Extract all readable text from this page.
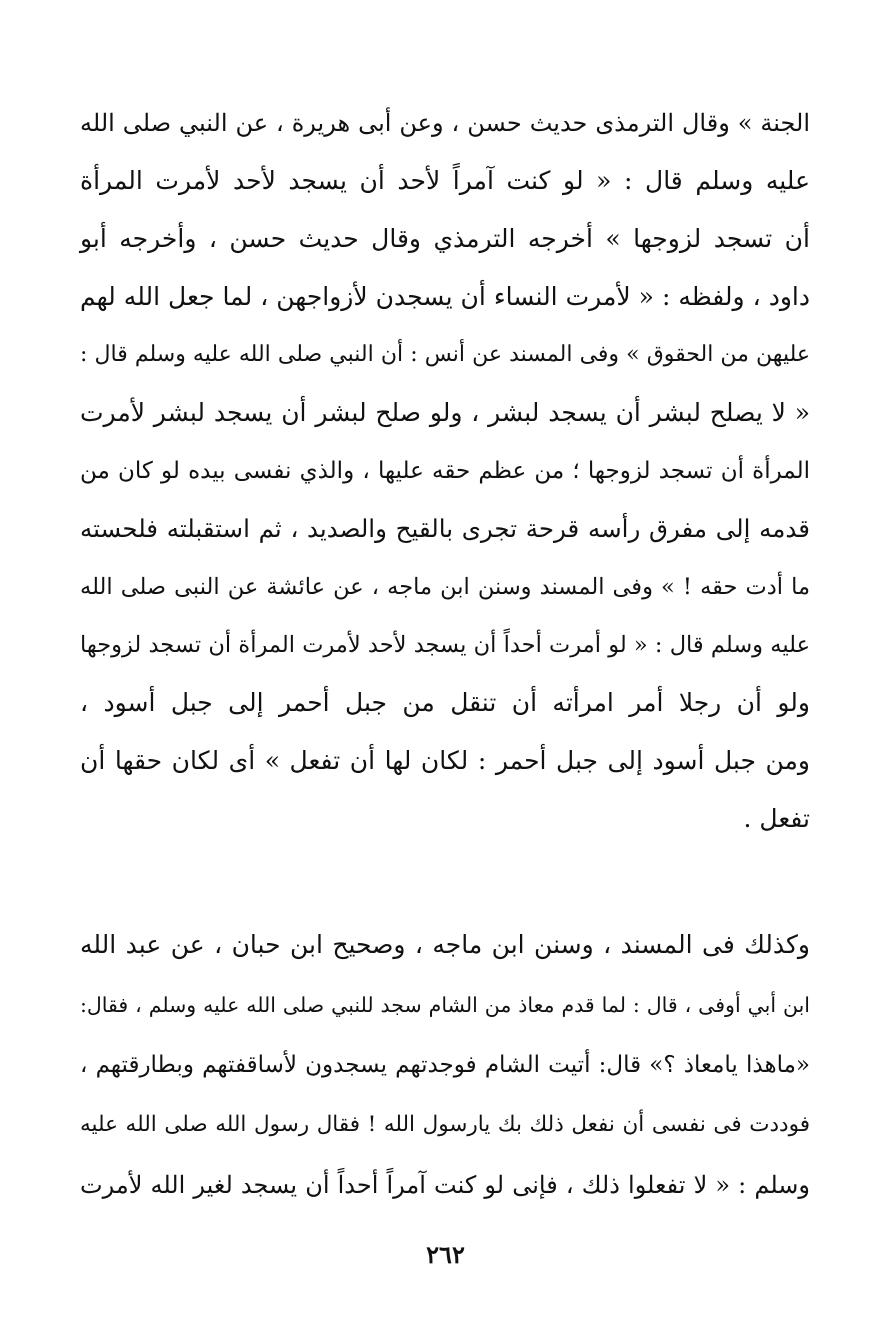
الجنة » وقال الترمذى حديث حسن ، وعن أبى هريرة ، عن النبي صلى الله
عليه وسلم قال : « لو كنت آمراً لأحد أن يسجد لأحد لأمرت المرأة
أن تسجد لزوجها » أخرجه الترمذي وقال حديث حسن ، وأخرجه أبو
داود ، ولفظه : « لأمرت النساء أن يسجدن لأزواجهن ، لما جعل الله لهم
عليهن من الحقوق » وفى المسند عن أنس : أن النبي صلى الله عليه وسلم قال :
« لا يصلح لبشر أن يسجد لبشر ، ولو صلح لبشر أن يسجد لبشر لأمرت
المرأة أن تسجد لزوجها ؛ من عظم حقه عليها ، والذي نفسى بيده لو كان من
قدمه إلى مفرق رأسه قرحة تجرى بالقيح والصديد ، ثم استقبلته فلحسته
ما أدت حقه ! » وفى المسند وسنن ابن ماجه ، عن عائشة عن النبى صلى الله
عليه وسلم قال : « لو أمرت أحداً أن يسجد لأحد لأمرت المرأة أن تسجد لزوجها
ولو أن رجلا أمر امرأته أن تنقل من جبل أحمر إلى جبل أسود ،
ومن جبل أسود إلى جبل أحمر : لكان لها أن تفعل » أى لكان حقها أن
تفعل .
وكذلك فى المسند ، وسنن ابن ماجه ، وصحيح ابن حبان ، عن عبد الله
ابن أبي أوفى ، قال : لما قدم معاذ من الشام سجد للنبي صلى الله عليه وسلم ، فقال:
«ماهذا يامعاذ ؟» قال: أتيت الشام فوجدتهم يسجدون لأساقفتهم وبطارقتهم ،
فوددت فى نفسى أن نفعل ذلك بك يارسول الله ! فقال رسول الله صلى الله عليه
وسلم : « لا تفعلوا ذلك ، فإنى لو كنت آمراً أحداً أن يسجد لغير الله لأمرت
٢٦٢
